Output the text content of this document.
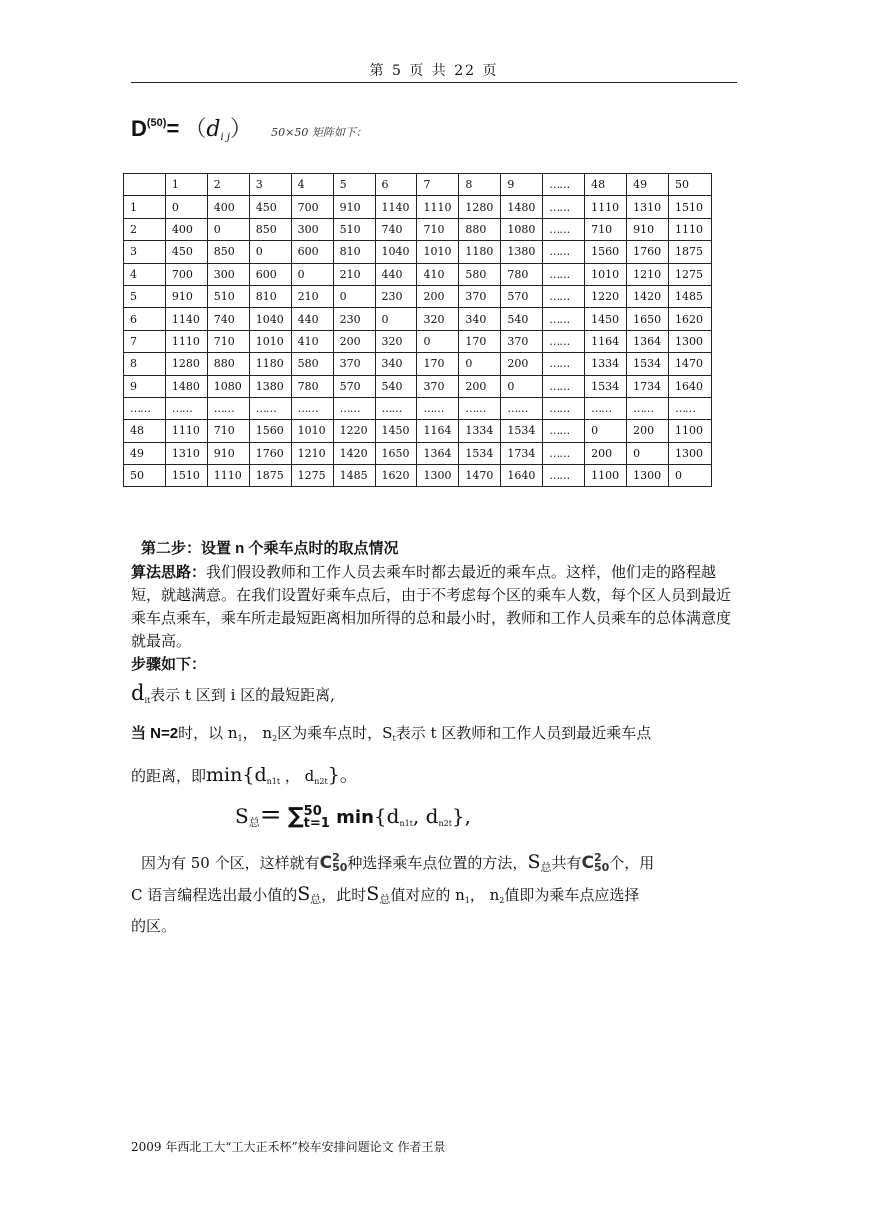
第 5 页 共 22 页
$D^{(50)}= (d_{i j})$ 50×50 矩阵如下：
	1	2	3	4	5	6	7	8	9	……	48	49	50
1	0	400	450	700	910	1140	1110	1280	1480	……	1110	1310	1510
2	400	0	850	300	510	740	710	880	1080	……	710	910	1110
3	450	850	0	600	810	1040	1010	1180	1380	……	1560	1760	1875
4	700	300	600	0	210	440	410	580	780	……	1010	1210	1275
5	910	510	810	210	0	230	200	370	570	……	1220	1420	1485
6	1140	740	1040	440	230	0	320	340	540	……	1450	1650	1620
7	1110	710	1010	410	200	320	0	170	370	……	1164	1364	1300
8	1280	880	1180	580	370	340	170	0	200	……	1334	1534	1470
9	1480	1080	1380	780	570	540	370	200	0	……	1534	1734	1640
……	……	……	……	……	……	……	……	……	……	……	……	……	……
48	1110	710	1560	1010	1220	1450	1164	1334	1534	……	0	200	1100
49	1310	910	1760	1210	1420	1650	1364	1534	1734	……	200	0	1300
50	1510	1110	1875	1275	1485	1620	1300	1470	1640	……	1100	1300	0
第二步：设置 n 个乘车点时的取点情况
算法思路：我们假设教师和工作人员去乘车时都去最近的乘车点。这样，他们走的路程越短，就越满意。在我们设置好乘车点后，由于不考虑每个区的乘车人数，每个区人员到最近乘车点乘车，乘车所走最短距离相加所得的总和最小时，教师和工作人员乘车的总体满意度就最高。
步骤如下：
$d_{it}$表示 t 区到 i 区的最短距离,
当 N=2时，以 $n_1$， $n_2$区为乘车点时，$S_t$表示 t 区教师和工作人员到最近乘车点
的距离，即$\min\{d_{n1t}$ ， $d_{n2t}$}。
$S_总= \sum 50$
t=1 $\min\{d_{n1t}$, $d_{n2t}$},
因为有 50 个区，这样就有C2
50种选择乘车点位置的方法，$S_总$共有C2
50个，用
C 语言编程选出最小值的$S_总$，此时$S_总$值对应的 $n_1$， $n_2$值即为乘车点应选择
的区。
2009 年西北工大“工大正禾杯”校车安排问题论文 作者王景
